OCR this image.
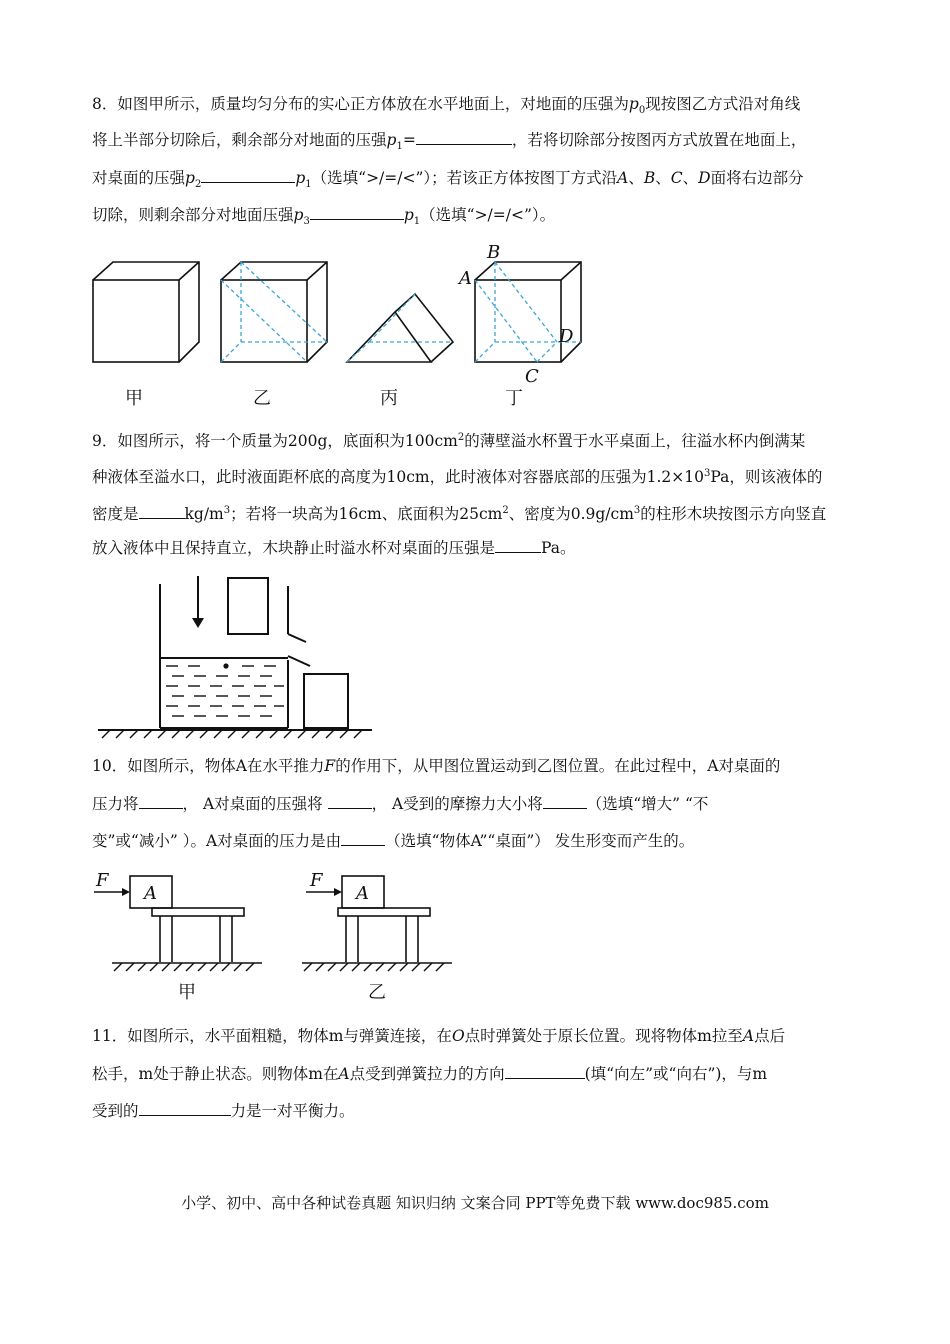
8．如图甲所示，质量均匀分布的实心正方体放在水平地面上，对地面的压强为$p_0$现按图乙方式沿对角线
将上半部分切除后，剩余部分对地面的压强$p_1=$	，若将切除部分按图丙方式放置在地面上，
对桌面的压强$p_2$	$p_1$（选填“>/=/<”）；若该正方体按图丁方式沿A、B、C、D面将右边部分
切除，则剩余部分对地面压强$p_3$	$p_1$（选填“>/=/<”）。
A
B
C
D
甲	乙	丙	丁
9．如图所示，将一个质量为200g，底面积为$100cm^2$的薄壁溢水杯置于水平桌面上，往溢水杯内倒满某
种液体至溢水口，此时液面距杯底的高度为10cm，此时液体对容器底部的压强为$1.2\times 10^3Pa$，则该液体的
密度是	$kg/m^3$；若将一块高为16cm、底面积为$25cm^2$、密度为$0.9g/cm^3$的柱形木块按图示方向竖直
放入液体中且保持直立，木块静止时溢水杯对桌面的压强是	Pa。
10．如图所示，物体A在水平推力F的作用下，从甲图位置运动到乙图位置。在此过程中，A对桌面的
压力将	， A对桌面的压强将	， A受到的摩擦力大小将	（选填“增大” “不
变”或“减小” ）。A对桌面的压力是由	（选填“物体A”“桌面”） 发生形变而产生的。
F
A
F
A
甲	乙
11．如图所示，水平面粗糙，物体m与弹簧连接，在O点时弹簧处于原长位置。现将物体m拉至A点后
松手，m处于静止状态。则物体m在A点受到弹簧拉力的方向	(填“向左”或“向右”)，与m
受到的	力是一对平衡力。
小学、初中、高中各种试卷真题 知识归纳 文案合同 PPT等免费下载 www.doc985.com
